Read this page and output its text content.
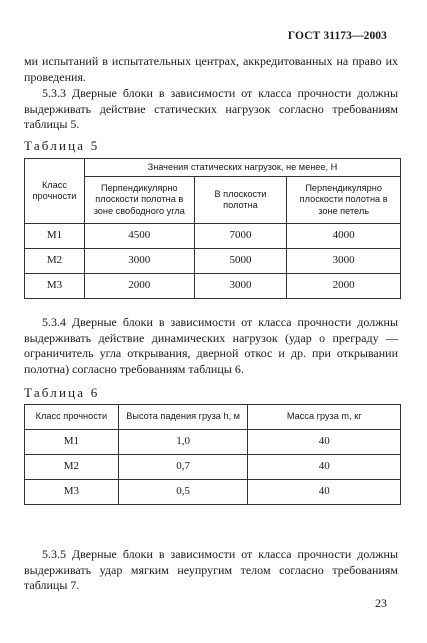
ГОСТ 31173—2003
ми испытаний в испытательных центрах, аккредитованных на право их проведения.
5.3.3 Дверные блоки в зависимости от класса прочности должны выдерживать действие статических нагрузок согласно требованиям таблицы 5.
Таблица 5
Класс прочности	Значения статических нагрузок, не менее, Н		
	Перпендикулярно плоскости полотна в зоне свободного угла	В плоскости полотна	Перпендикулярно плоскости полотна в зоне петель
М1	4500	7000	4000
М2	3000	5000	3000
М3	2000	3000	2000
5.3.4 Дверные блоки в зависимости от класса прочности должны выдерживать действие динамических нагрузок (удар о преграду — ограничитель угла открывания, дверной откос и др. при открывании полотна) согласно требованиям таблицы 6.
Таблица 6
Класс прочности	Высота падения груза h, м	Масса груза m, кг
М1	1,0	40
М2	0,7	40
М3	0,5	40
5.3.5 Дверные блоки в зависимости от класса прочности должны выдерживать удар мягким неупругим телом согласно требованиям таблицы 7.
23
